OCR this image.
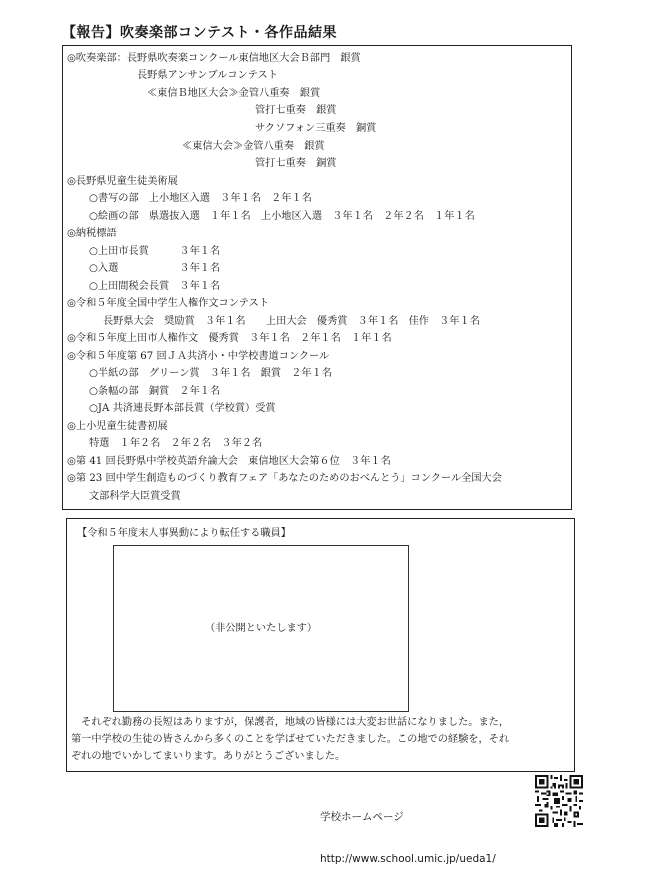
【報告】吹奏楽部コンテスト・各作品結果
◎吹奏楽部：長野県吹奏楽コンクール東信地区大会Ｂ部門　銀賞
長野県アンサンブルコンテスト
≪東信Ｂ地区大会≫金管八重奏　銀賞
管打七重奏　銀賞
サクソフォン三重奏　銅賞
≪東信大会≫金管八重奏　銀賞
管打七重奏　銅賞
◎長野県児童生徒美術展
○書写の部　上小地区入選　３年１名　２年１名
○絵画の部　県選抜入選　１年１名　上小地区入選　３年１名　２年２名　１年１名
◎納税標語
○上田市長賞　　　３年１名
○入選　　　　　　３年１名
○上田間税会長賞　３年１名
◎令和５年度全国中学生人権作文コンテスト
長野県大会　奨励賞　３年１名　　上田大会　優秀賞　３年１名　佳作　３年１名
◎令和５年度上田市人権作文　優秀賞　３年１名　２年１名　１年１名
◎令和５年度第 67 回ＪＡ共済小・中学校書道コンクール
○半紙の部　グリーン賞　３年１名　銀賞　２年１名
○条幅の部　銅賞　２年１名
○JA 共済連長野本部長賞（学校賞）受賞
◎上小児童生徒書初展
特選　１年２名　２年２名　３年２名
◎第 41 回長野県中学校英語弁論大会　東信地区大会第６位　３年１名
◎第 23 回中学生創造ものづくり教育フェア「あなたのためのおべんとう」コンクール全国大会
文部科学大臣賞受賞
【令和５年度末人事異動により転任する職員】
（非公開といたします）
　それぞれ勤務の長短はありますが，保護者，地域の皆様には大変お世話になりました。また，
第一中学校の生徒の皆さんから多くのことを学ばせていただきました。この地での経験を，それ
ぞれの地でいかしてまいります。ありがとうございました。

学校ホームページ

http://www.school.umic.jp/ueda1/
